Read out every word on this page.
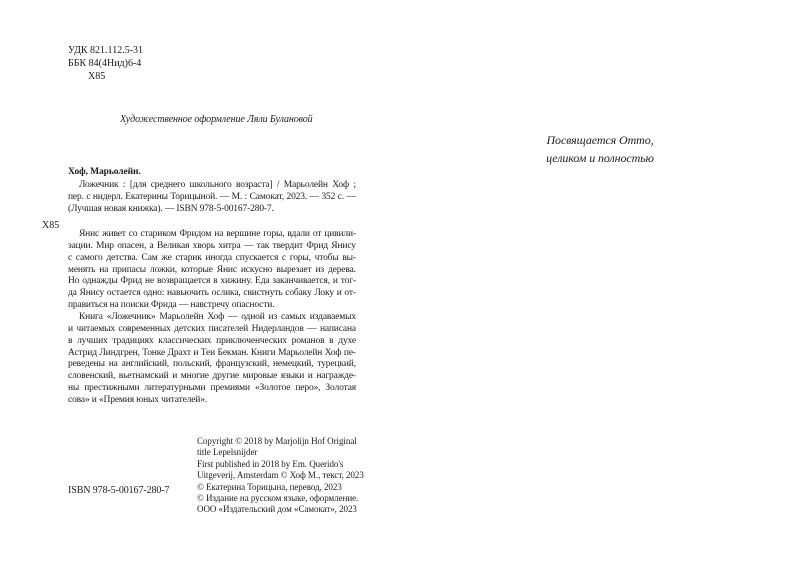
УДК 821.112.5-31
ББК 84(4Нид)6-4
Х85
Художественное оформление Ляли Булановой
Посвящается Отто,
целиком и полностью
Хоф, Марьолейн.
Ложечник : [для среднего школьного возраста] / Марьолейн Хоф ;
пер. с нидерл. Екатерины Торицыной. — М. : Самокат, 2023. — 352 с. —
(Лучшая новая книжка). — ISBN 978-5-00167-280-7.
Х85
Янис живет со стариком Фридом на вершине горы, вдали от цивили-
зации. Мир опасен, а Великая хворь хитра — так твердит Фрид Янису
с самого детства. Сам же старик иногда спускается с горы, чтобы вы-
менять на припасы ложки, которые Янис искусно вырезает из дерева.
Но однажды Фрид не возвращается в хижину. Еда заканчивается, и тог-
да Янису остается одно: навьючить ослика, свистнуть собаку Локу и от-
правиться на поиски Фрида — навстречу опасности.
Книга «Ложечник» Марьолейн Хоф — одной из самых издаваемых
и читаемых современных детских писателей Нидерландов — написана
в лучших традициях классических приключенческих романов в духе
Астрид Линдгрен, Тонке Драхт и Теи Бекман. Книги Марьолейн Хоф пе-
реведены на английский, польский, французский, немецкий, турецкий,
словенский, вьетнамский и многие другие мировые языки и награжде-
ны престижными литературными премиями «Золотое перо», Золотая
сова» и «Премия юных читателей».
Copyright © 2018 by Marjolijn Hof Original
title Lepelsnijder
First published in 2018 by Em. Querido's
Uitgeverij, Amsterdam © Хоф М., текст, 2023
© Екатерина Торицына, перевод, 2023
© Издание на русском языке, оформление.
ООО «Издательский дом «Самокат», 2023
ISBN 978-5-00167-280-7
